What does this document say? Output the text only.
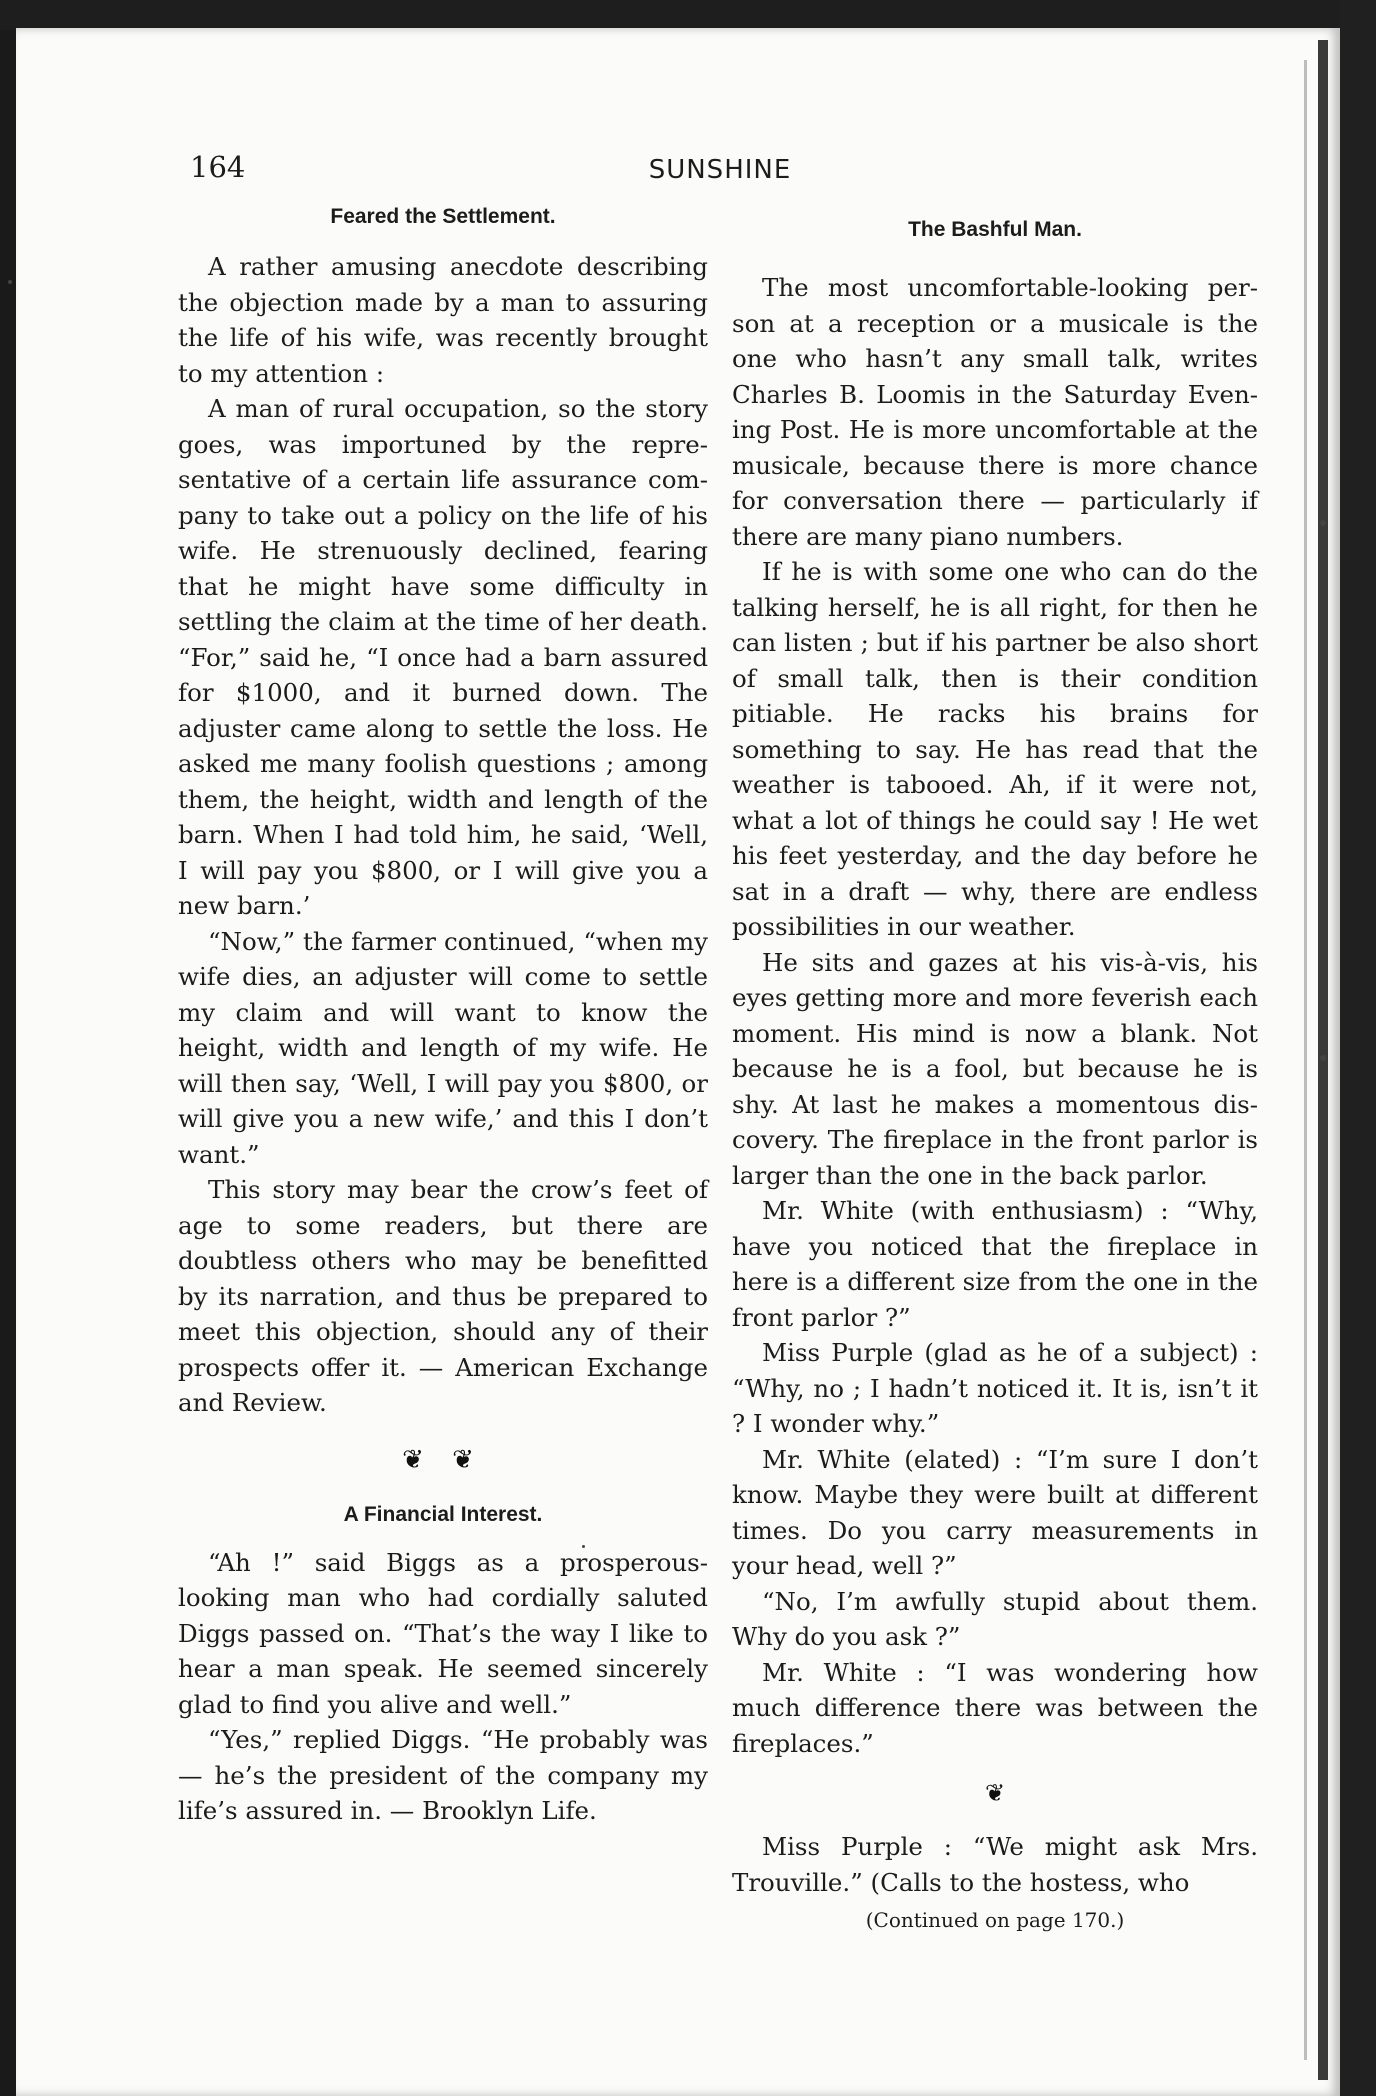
164	SUNSHINE

Feared the Settlement.

A rather amusing anecdote describing the objection made by a man to assuring the life of his wife, was recently brought to my attention :

A man of rural occupation, so the story goes, was importuned by the representative of a certain life assurance company to take out a policy on the life of his wife. He strenuously declined, fearing that he might have some difficulty in settling the claim at the time of her death. “For,” said he, “I once had a barn assured for $1000, and it burned down. The adjuster came along to settle the loss. He asked me many foolish questions ; among them, the height, width and length of the barn. When I had told him, he said, ‘Well, I will pay you $800, or I will give you a new barn.’

“Now,” the farmer continued, “when my wife dies, an adjuster will come to settle my claim and will want to know the height, width and length of my wife. He will then say, ‘Well, I will pay you $800, or will give you a new wife,’ and this I don’t want.”

This story may bear the crow’s feet of age to some readers, but there are doubtless others who may be benefitted by its narration, and thus be prepared to meet this objection, should any of their prospects offer it. — American Exchange and Review.

❦ ❦

A Financial Interest.

“Ah !” said Biggs as a prosperous-looking man who had cordially saluted Diggs passed on. “That’s the way I like to hear a man speak. He seemed sincerely glad to find you alive and well.”

“Yes,” replied Diggs. “He probably was — he’s the president of the company my life’s assured in. — Brooklyn Life.

The Bashful Man.

The most uncomfortable-looking person at a reception or a musicale is the one who hasn’t any small talk, writes Charles B. Loomis in the Saturday Evening Post. He is more uncomfortable at the musicale, because there is more chance for conversation there — particularly if there are many piano numbers.

If he is with some one who can do the talking herself, he is all right, for then he can listen ; but if his partner be also short of small talk, then is their condition pitiable. He racks his brains for something to say. He has read that the weather is tabooed. Ah, if it were not, what a lot of things he could say ! He wet his feet yesterday, and the day before he sat in a draft — why, there are endless possibilities in our weather.

He sits and gazes at his vis-à-vis, his eyes getting more and more feverish each moment. His mind is now a blank. Not because he is a fool, but because he is shy. At last he makes a momentous discovery. The fireplace in the front parlor is larger than the one in the back parlor.

Mr. White (with enthusiasm) : “Why, have you noticed that the fireplace in here is a different size from the one in the front parlor ?”

Miss Purple (glad as he of a subject) : “Why, no ; I hadn’t noticed it. It is, isn’t it ? I wonder why.”

Mr. White (elated) : “I’m sure I don’t know. Maybe they were built at different times. Do you carry measurements in your head, well ?”

“No, I’m awfully stupid about them. Why do you ask ?”

Mr. White : “I was wondering how much difference there was between the fireplaces.”

❦

Miss Purple : “We might ask Mrs. Trouville.” (Calls to the hostess, who

(Continued on page 170.)
